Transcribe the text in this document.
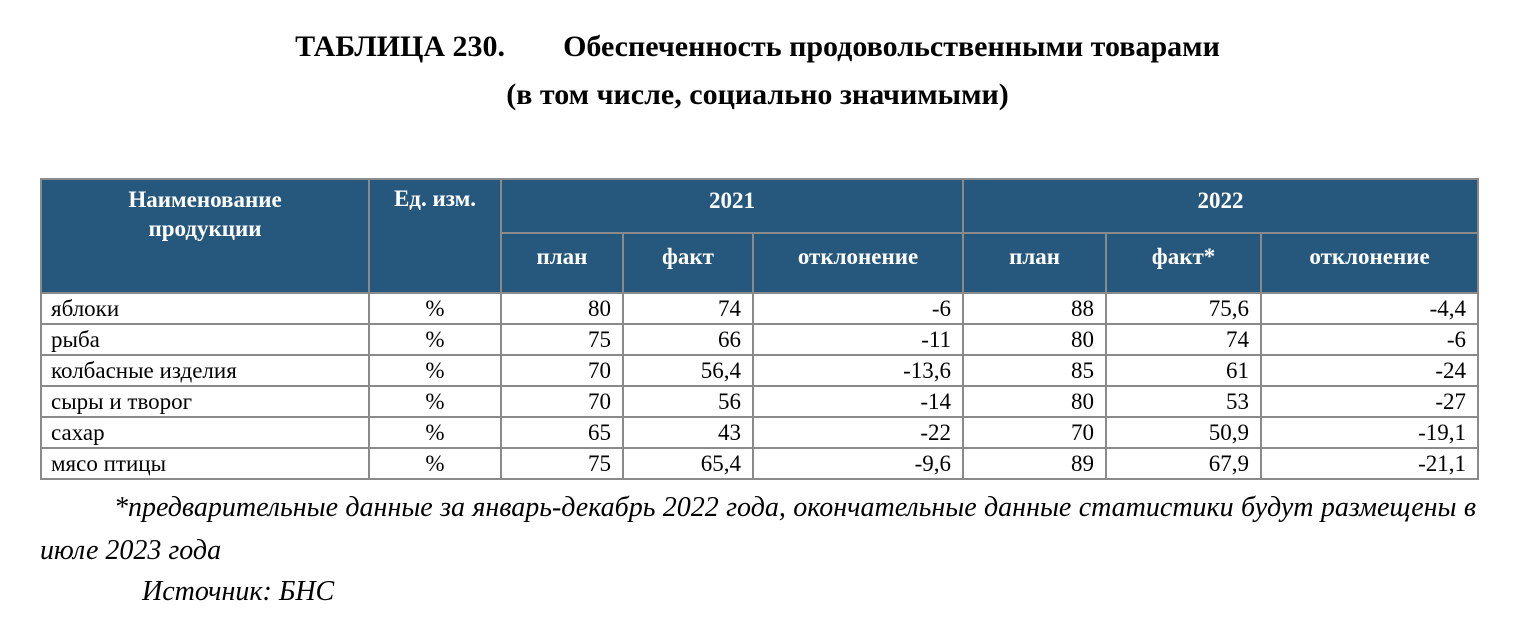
ТАБЛИЦА 230. Обеспеченность продовольственными товарами
(в том числе, социально значимыми)
Наименование продукции	Ед. изм.	2021			2022		
		план	факт	отклонение	план	факт*	отклонение
яблоки	%	80	74	-6	88	75,6	-4,4
рыба	%	75	66	-11	80	74	-6
колбасные изделия	%	70	56,4	-13,6	85	61	-24
сыры и творог	%	70	56	-14	80	53	-27
сахар	%	65	43	-22	70	50,9	-19,1
мясо птицы	%	75	65,4	-9,6	89	67,9	-21,1
*предварительные данные за январь-декабрь 2022 года, окончательные данные статистики будут размещены в июле 2023 года
Источник: БНС
